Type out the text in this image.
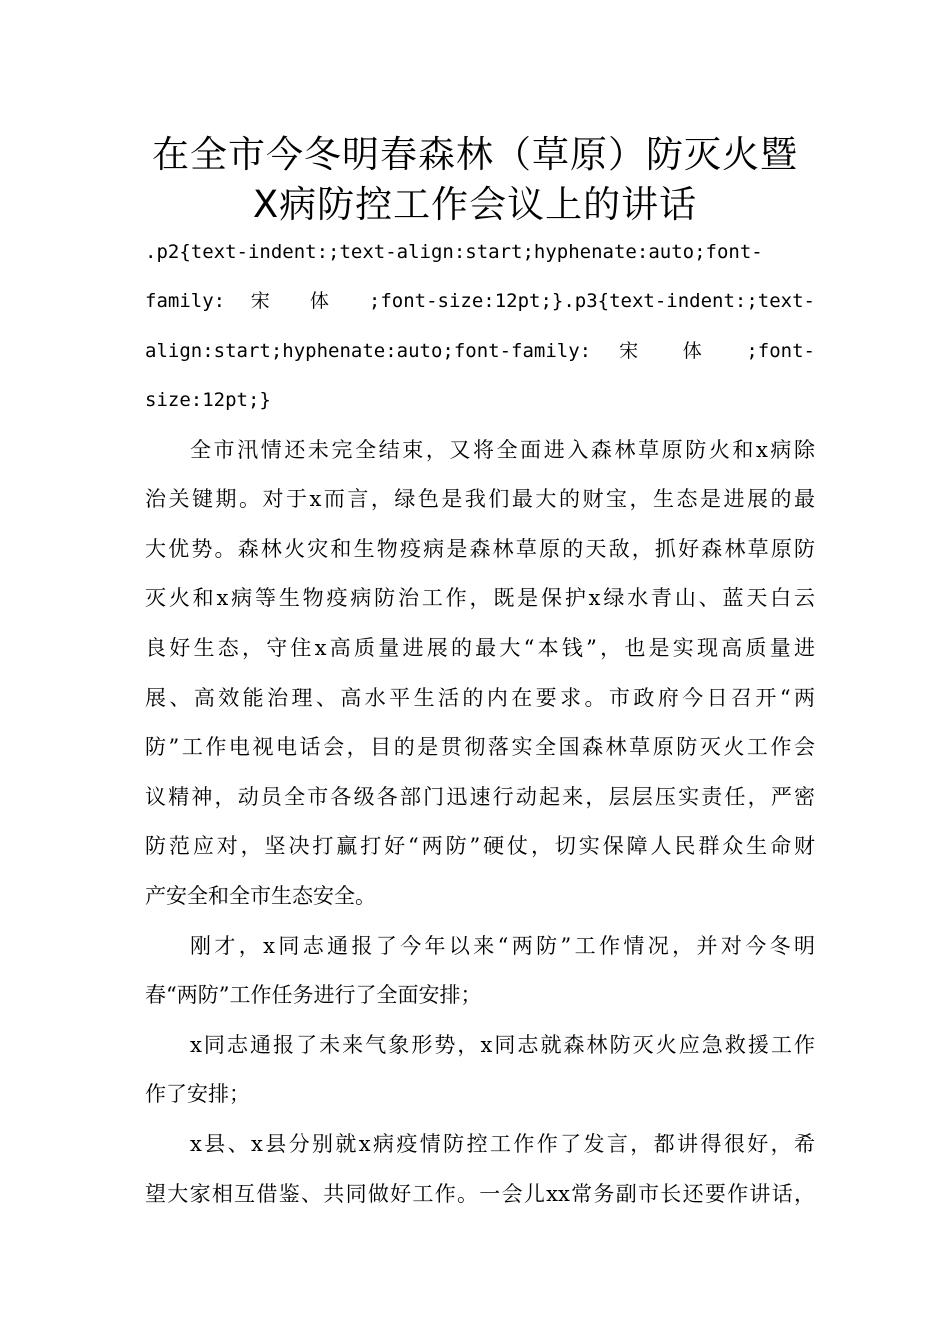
在全市今冬明春森林（草原）防灭火暨
X病防控工作会议上的讲话
.p2{text-indent:;text-align:start;hyphenate:auto;font-
family: 宋 体 ;font-size:12pt;}.p3{text-indent:;text-
align:start;hyphenate:auto;font-family: 宋 体 ;font-
size:12pt;}
全市汛情还未完全结束，又将全面进入森林草原防火和x病除
治关键期。对于x而言，绿色是我们最大的财宝，生态是进展的最
大优势。森林火灾和生物疫病是森林草原的天敌，抓好森林草原防
灭火和x病等生物疫病防治工作，既是保护x绿水青山、蓝天白云
良好生态，守住x高质量进展的最大“本钱”，也是实现高质量进
展、高效能治理、高水平生活的内在要求。市政府今日召开“两
防”工作电视电话会，目的是贯彻落实全国森林草原防灭火工作会
议精神，动员全市各级各部门迅速行动起来，层层压实责任，严密
防范应对，坚决打赢打好“两防”硬仗，切实保障人民群众生命财
产安全和全市生态安全。
刚才，x同志通报了今年以来“两防”工作情况，并对今冬明
春“两防”工作任务进行了全面安排；
x同志通报了未来气象形势，x同志就森林防灭火应急救援工作
作了安排；
x县、x县分别就x病疫情防控工作作了发言，都讲得很好，希
望大家相互借鉴、共同做好工作。一会儿xx常务副市长还要作讲话，
